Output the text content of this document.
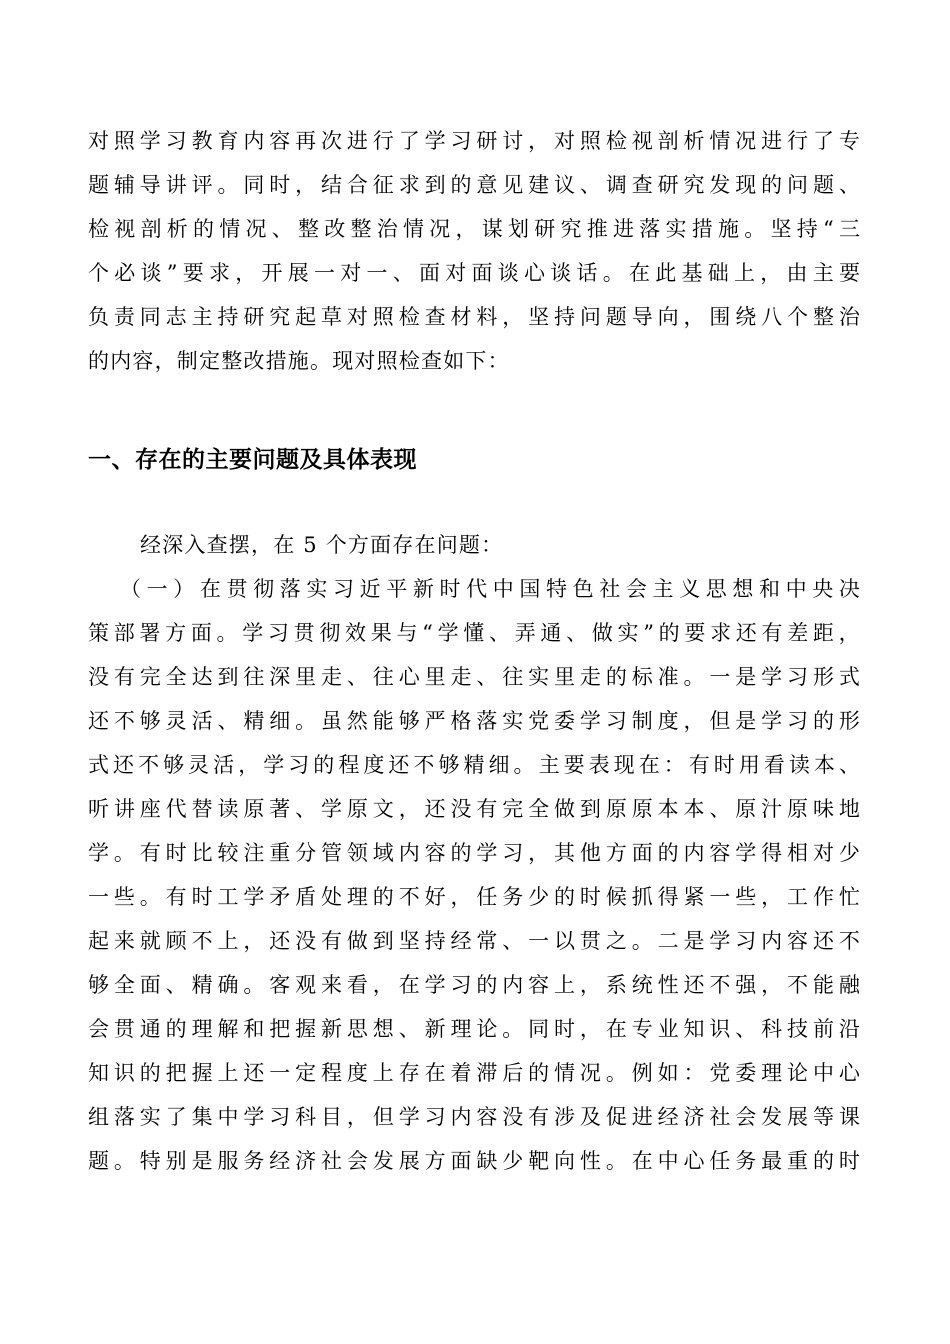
对 照 学 习 教 育 内 容 再 次 进 行 了 学 习 研 讨 ， 对 照 检 视 剖 析 情 况 进 行 了 专
题 辅 导 讲 评 。 同 时 ， 结 合 征 求 到 的 意 见 建 议 、 调 查 研 究 发 现 的 问 题 、
检 视 剖 析 的 情 况 、 整 改 整 治 情 况 ， 谋 划 研 究 推 进 落 实 措 施 。 坚 持 “ 三
个 必 谈 ” 要 求 ， 开 展 一 对 一 、 面 对 面 谈 心 谈 话 。 在 此 基 础 上 ， 由 主 要
负 责 同 志 主 持 研 究 起 草 对 照 检 查 材 料 ， 坚 持 问 题 导 向 ， 围 绕 八 个 整 治
的内容，制定整改措施。现对照检查如下：
一、存在的主要问题及具体表现
经深入查摆，在 5 个方面存在问题：
（ 一 ） 在 贯 彻 落 实 习 近 平 新 时 代 中 国 特 色 社 会 主 义 思 想 和 中 央 决
策 部 署 方 面 。 学 习 贯 彻 效 果 与 “ 学 懂 、 弄 通 、 做 实 ” 的 要 求 还 有 差 距 ，
没 有 完 全 达 到 往 深 里 走 、 往 心 里 走 、 往 实 里 走 的 标 准 。 一 是 学 习 形 式
还 不 够 灵 活 、 精 细 。 虽 然 能 够 严 格 落 实 党 委 学 习 制 度 ， 但 是 学 习 的 形
式 还 不 够 灵 活 ， 学 习 的 程 度 还 不 够 精 细 。 主 要 表 现 在 ： 有 时 用 看 读 本 、
听 讲 座 代 替 读 原 著 、 学 原 文 ， 还 没 有 完 全 做 到 原 原 本 本 、 原 汁 原 味 地
学 。 有 时 比 较 注 重 分 管 领 域 内 容 的 学 习 ， 其 他 方 面 的 内 容 学 得 相 对 少
一 些 。 有 时 工 学 矛 盾 处 理 的 不 好 ， 任 务 少 的 时 候 抓 得 紧 一 些 ， 工 作 忙
起 来 就 顾 不 上 ， 还 没 有 做 到 坚 持 经 常 、 一 以 贯 之 。 二 是 学 习 内 容 还 不
够 全 面 、 精 确 。 客 观 来 看 ， 在 学 习 的 内 容 上 ， 系 统 性 还 不 强 ， 不 能 融
会 贯 通 的 理 解 和 把 握 新 思 想 、 新 理 论 。 同 时 ， 在 专 业 知 识 、 科 技 前 沿
知 识 的 把 握 上 还 一 定 程 度 上 存 在 着 滞 后 的 情 况 。 例 如 ： 党 委 理 论 中 心
组 落 实 了 集 中 学 习 科 目 ， 但 学 习 内 容 没 有 涉 及 促 进 经 济 社 会 发 展 等 课
题 。 特 别 是 服 务 经 济 社 会 发 展 方 面 缺 少 靶 向 性 。 在 中 心 任 务 最 重 的 时
